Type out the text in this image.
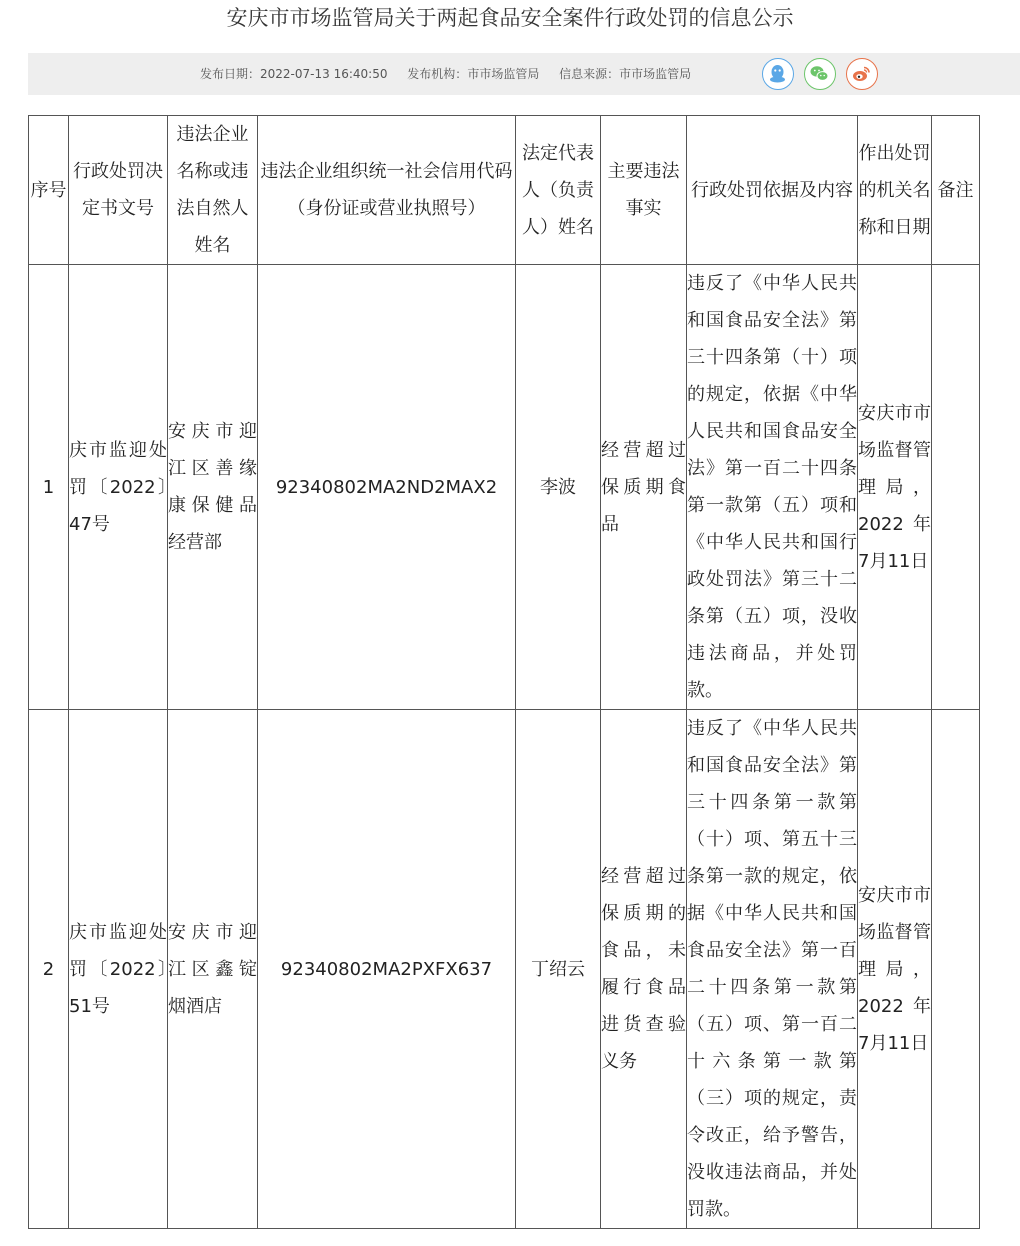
安庆市市场监管局关于两起食品安全案件行政处罚的信息公示
发布日期：2022-07-13 16:40:50 发布机构：市市场监管局 信息来源：市市场监管局
序号	行政处罚决定书文号	违法企业名称或违法自然人姓名	违法企业组织统一社会信用代码（身份证或营业执照号）	法定代表人（负责人）姓名	主要违法事实	行政处罚依据及内容	作出处罚的机关名称和日期	备注
1	庆市监迎处罚〔2022〕47号	安庆市迎江区善缘康保健品经营部	92340802MA2ND2MAX2	李波	经营超过保质期食品	违反了《中华人民共和国食品安全法》第三十四条第（十）项的规定，依据《中华人民共和国食品安全法》第一百二十四条第一款第（五）项和《中华人民共和国行政处罚法》第三十二条第（五）项，没收违法商品，并处罚款。	安庆市市场监督管理局，2022年7月11日	
2	庆市监迎处罚〔2022〕51号	安庆市迎江区鑫锭烟酒店	92340802MA2PXFX637	丁绍云	经营超过保质期的食品，未履行食品进货查验义务	违反了《中华人民共和国食品安全法》第三十四条第一款第（十）项、第五十三条第一款的规定，依据《中华人民共和国食品安全法》第一百二十四条第一款第（五）项、第一百二十六条第一款第（三）项的规定，责令改正，给予警告，没收违法商品，并处罚款。	安庆市市场监督管理局，2022年7月11日	
